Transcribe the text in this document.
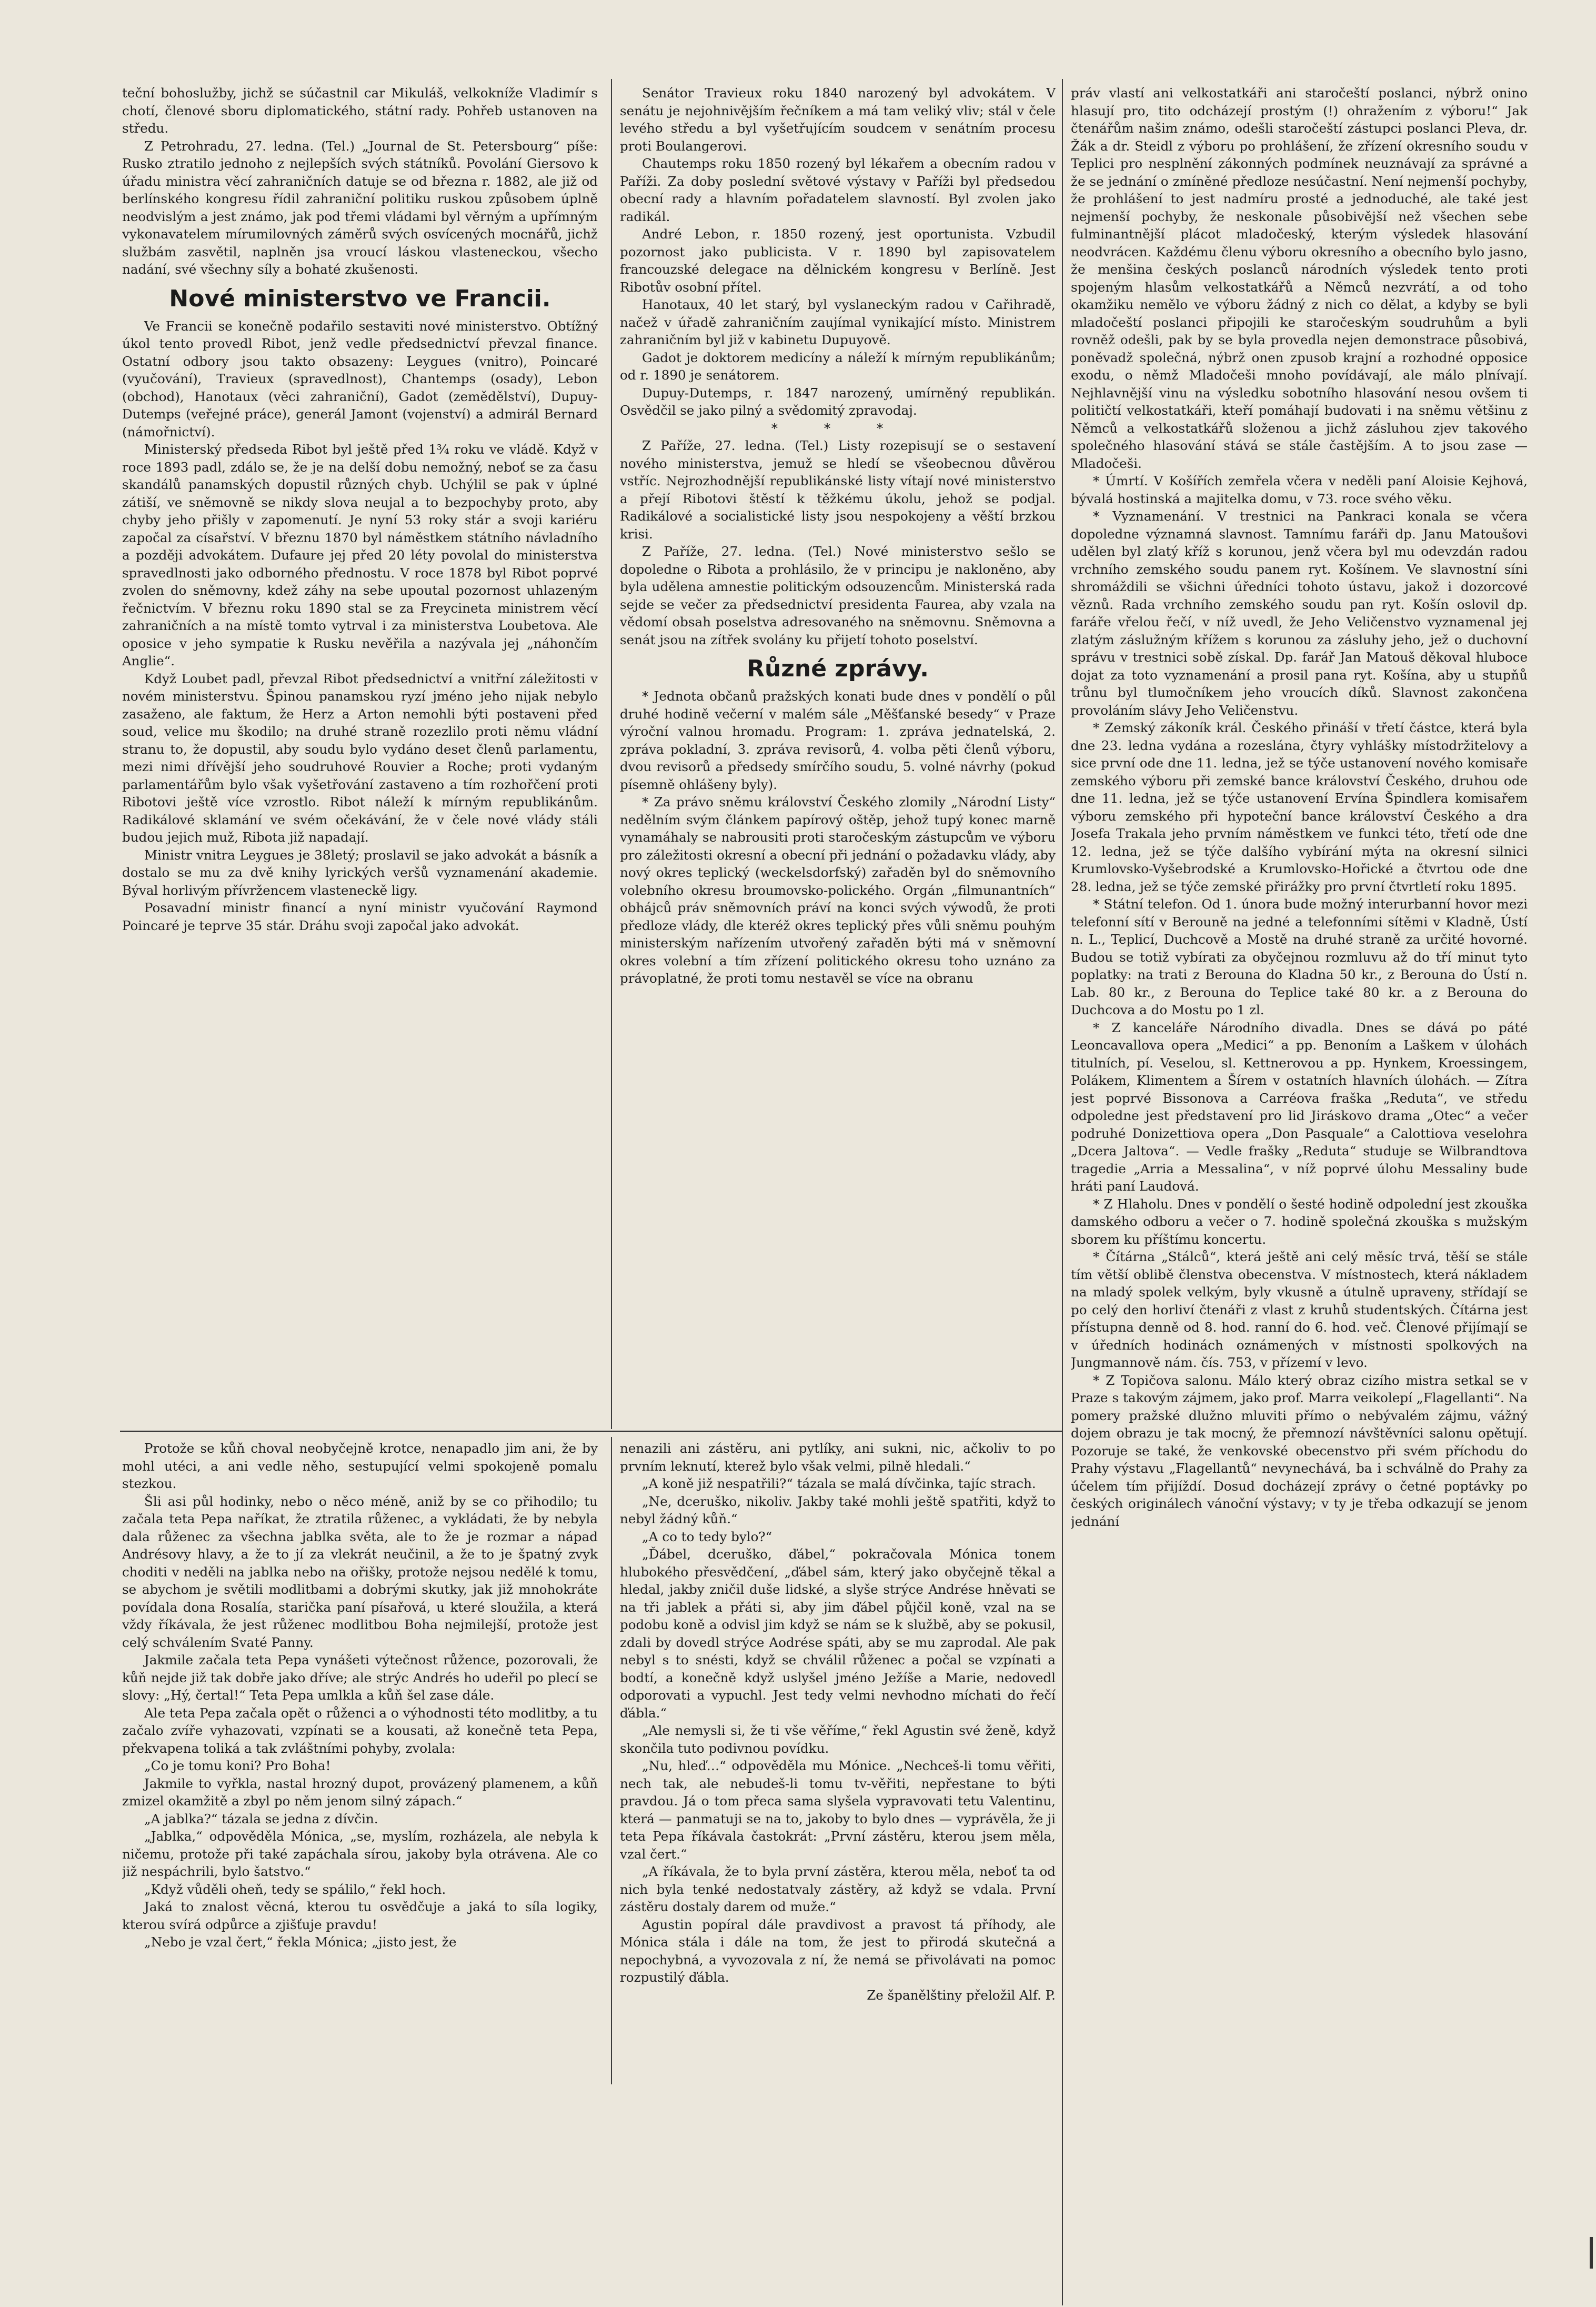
teční bohoslužby, jichž se súčastnil car Mikuláš, velkokníže Vladimír s chotí, členové sboru diplomatického, státní rady. Pohřeb ustanoven na středu.

Z Petrohradu, 27. ledna. (Tel.) „Journal de St. Petersbourg“ píše: Rusko ztratilo jednoho z nejlepších svých státníků. Povolání Giersovo k úřadu ministra věcí zahraničních datuje se od března r. 1882, ale již od berlínského kongresu řídil zahraniční politiku ruskou způsobem úplně neodvislým a jest známo, jak pod třemi vládami byl věrným a upřímným vykonavatelem mírumilovných záměrů svých osvícených mocnářů, jichž službám zasvětil, naplněn jsa vroucí láskou vlasteneckou, všecho nadání, své všechny síly a bohaté zkušenosti.

Nové ministerstvo ve Francii.

Ve Francii se konečně podařilo sestaviti nové ministerstvo. Obtížný úkol tento provedl Ribot, jenž vedle předsednictví převzal finance. Ostatní odbory jsou takto obsazeny: Leygues (vnitro), Poincaré (vyučování), Travieux (spravedlnost), Chantemps (osady), Lebon (obchod), Hanotaux (věci zahraniční), Gadot (zemědělství), Dupuy-Dutemps (veřejné práce), generál Jamont (vojenství) a admirál Bernard (námořnictví).

Ministerský předseda Ribot byl ještě před 1¾ roku ve vládě. Když v roce 1893 padl, zdálo se, že je na delší dobu nemožný, neboť se za času skandálů panamských dopustil různých chyb. Uchýlil se pak v úplné zátiší, ve sněmovně se nikdy slova neujal a to bezpochyby proto, aby chyby jeho přišly v zapomenutí. Je nyní 53 roky stár a svoji kariéru započal za císařství. V březnu 1870 byl náměstkem státního návladního a později advokátem. Dufaure jej před 20 léty povolal do ministerstva spravedlnosti jako odborného přednostu. V roce 1878 byl Ribot poprvé zvolen do sněmovny, kdež záhy na sebe upoutal pozornost uhlazeným řečnictvím. V březnu roku 1890 stal se za Freycineta ministrem věcí zahraničních a na místě tomto vytrval i za ministerstva Loubetova. Ale oposice v jeho sympatie k Rusku nevěřila a nazývala jej „náhončím Anglie“.

Když Loubet padl, převzal Ribot předsednictví a vnitřní záležitosti v novém ministerstvu. Špinou panamskou ryzí jméno jeho nijak nebylo zasaženo, ale faktum, že Herz a Arton nemohli býti postaveni před soud, velice mu škodilo; na druhé straně rozezlilo proti němu vládní stranu to, že dopustil, aby soudu bylo vydáno deset členů parlamentu, mezi nimi dřívější jeho soudruhové Rouvier a Roche; proti vydaným parlamentářům bylo však vyšetřování zastaveno a tím rozhořčení proti Ribotovi ještě více vzrostlo. Ribot náleží k mírným republikánům. Radikálové sklamání ve svém očekávání, že v čele nové vlády stáli budou jejich muž, Ribota již napadají.

Ministr vnitra Leygues je 38letý; proslavil se jako advokát a básník a dostalo se mu za dvě knihy lyrických veršů vyznamenání akademie. Býval horlivým přívržencem vlasteneckě ligy.

Posavadní ministr financí a nyní ministr vyučování Raymond Poincaré je teprve 35 stár. Dráhu svoji započal jako advokát.

Senátor Travieux roku 1840 narozený byl advokátem. V senátu je nejohnivějším řečníkem a má tam veliký vliv; stál v čele levého středu a byl vyšetřujícím soudcem v senátním procesu proti Boulangerovi.

Chautemps roku 1850 rozený byl lékařem a obecním radou v Paříži. Za doby poslední světové výstavy v Paříži byl předsedou obecní rady a hlavním pořadatelem slavností. Byl zvolen jako radikál.

André Lebon, r. 1850 rozený, jest oportunista. Vzbudil pozornost jako publicista. V r. 1890 byl zapisovatelem francouzské delegace na dělnickém kongresu v Berlíně. Jest Ribotův osobní přítel.

Hanotaux, 40 let starý, byl vyslaneckým radou v Cařihradě, načež v úřadě zahraničním zaujímal vynikající místo. Ministrem zahraničním byl již v kabinetu Dupuyově.

Gadot je doktorem medicíny a náleží k mírným republikánům; od r. 1890 je senátorem.

Dupuy-Dutemps, r. 1847 narozený, umírněný republikán. Osvědčil se jako pilný a svědomitý zpravodaj.

* * *

Z Paříže, 27. ledna. (Tel.) Listy rozepisují se o sestavení nového ministerstva, jemuž se hledí se všeobecnou důvěrou vstříc. Nejrozhodnější republikánské listy vítají nové ministerstvo a přejí Ribotovi štěstí k těžkému úkolu, jehož se podjal. Radikálové a socialistické listy jsou nespokojeny a věští brzkou krisi.

Z Paříže, 27. ledna. (Tel.) Nové ministerstvo sešlo se dopoledne o Ribota a prohlásilo, že v principu je nakloněno, aby byla udělena amnestie politickým odsouzencům. Ministerská rada sejde se večer za předsednictví presidenta Faurea, aby vzala na vědomí obsah poselstva adresovaného na sněmovnu. Sněmovna a senát jsou na zítřek svolány ku přijetí tohoto poselství.

Různé zprávy.

* Jednota občanů pražských konati bude dnes v pondělí o půl druhé hodině večerní v malém sále „Měšťanské besedy“ v Praze výroční valnou hromadu. Program: 1. zpráva jednatelská, 2. zpráva pokladní, 3. zpráva revisorů, 4. volba pěti členů výboru, dvou revisorů a předsedy smírčího soudu, 5. volné návrhy (pokud písemně ohlášeny byly).

* Za právo sněmu království Českého zlomily „Národní Listy“ nedělním svým článkem papírový oštěp, jehož tupý konec marně vynamáhaly se nabrousiti proti staročeským zástupcům ve výboru pro záležitosti okresní a obecní při jednání o požadavku vlády, aby nový okres teplický (weckelsdorfský) zařaděn byl do sněmovního volebního okresu broumovsko-polického. Orgán „filmunantních“ obhájců práv sněmovních práví na konci svých výwodů, že proti předloze vlády, dle kteréž okres teplický přes vůli sněmu pouhým ministerským nařízením utvořený zařaděn býti má v sněmovní okres volební a tím zřízení politického okresu toho uznáno za právoplatné, že proti tomu nestavěl se více na obranu

práv vlastí ani velkostatkáři ani staročeští poslanci, nýbrž onino hlasují pro, tito odcházejí prostým (!) ohražením z výboru!“ Jak čtenářům našim známo, odešli staročeští zástupci poslanci Pleva, dr. Žák a dr. Steidl z výboru po prohlášení, že zřízení okresního soudu v Teplici pro nesplnění zákonných podmínek neuznávají za správné a že se jednání o zmíněné předloze nesúčastní. Není nejmenší pochyby, že prohlášení to jest nadmíru prosté a jednoduché, ale také jest nejmenší pochyby, že neskonale působivější než všechen sebe fulminantnější plácot mladočeský, kterým výsledek hlasování neodvrácen. Každému členu výboru okresního a obecního bylo jasno, že menšina českých poslanců národních výsledek tento proti spojeným hlasům velkostatkářů a Němců nezvrátí, a od toho okamžiku nemělo ve výboru žádný z nich co dělat, a kdyby se byli mladočeští poslanci připojili ke staročeským soudruhům a byli rovněž odešli, pak by se byla provedla nejen demonstrace působivá, poněvadž společná, nýbrž onen zpusob krajní a rozhodné opposice exodu, o němž Mladočeši mnoho povídávají, ale málo plnívají. Nejhlavnější vinu na výsledku sobotního hlasování nesou ovšem ti političtí velkostatkáři, kteří pomáhají budovati i na sněmu většinu z Němců a velkostatkářů složenou a jichž zásluhou zjev takového společného hlasování stává se stále častějším. A to jsou zase — Mladočeši.

* Úmrtí. V Košířích zemřela včera v neděli paní Aloisie Kejhová, bývalá hostinská a majitelka domu, v 73. roce svého věku.

* Vyznamenání. V trestnici na Pankraci konala se včera dopoledne významná slavnost. Tamnímu faráři dp. Janu Matoušovi udělen byl zlatý kříž s korunou, jenž včera byl mu odevzdán radou vrchního zemského soudu panem ryt. Košínem. Ve slavnostní síni shromáždili se všichni úředníci tohoto ústavu, jakož i dozorcové věznů. Rada vrchního zemského soudu pan ryt. Košín oslovil dp. faráře vřelou řečí, v níž uvedl, že Jeho Veličenstvo vyznamenal jej zlatým záslužným křížem s korunou za zásluhy jeho, jež o duchovní správu v trestnici sobě získal. Dp. farář Jan Matouš děkoval hluboce dojat za toto vyznamenání a prosil pana ryt. Košína, aby u stupňů trůnu byl tlumočníkem jeho vroucích díků. Slavnost zakončena provoláním slávy Jeho Veličenstvu.

* Zemský zákoník král. Českého přináší v třetí částce, která byla dne 23. ledna vydána a rozeslána, čtyry vyhlášky místodržitelovy a sice první ode dne 11. ledna, jež se týče ustanovení nového komisaře zemského výboru při zemské bance království Českého, druhou ode dne 11. ledna, jež se týče ustanovení Ervína Špindlera komisařem výboru zemského při hypoteční bance království Českého a dra Josefa Trakala jeho prvním náměstkem ve funkci této, třetí ode dne 12. ledna, jež se týče dalšího vybírání mýta na okresní silnici Krumlovsko-Vyšebrodské a Krumlovsko-Hořické a čtvrtou ode dne 28. ledna, jež se týče zemské přirážky pro první čtvrtletí roku 1895.

* Státní telefon. Od 1. února bude možný interurbanní hovor mezi telefonní sítí v Berouně na jedné a telefonními sítěmi v Kladně, Ústí n. L., Teplicí, Duchcově a Mostě na druhé straně za určité hovorné. Budou se totiž vybírati za obyčejnou rozmluvu až do tří minut tyto poplatky: na trati z Berouna do Kladna 50 kr., z Berouna do Ústí n. Lab. 80 kr., z Berouna do Teplice také 80 kr. a z Berouna do Duchcova a do Mostu po 1 zl.

* Z kanceláře Národního divadla. Dnes se dává po páté Leoncavallova opera „Medici“ a pp. Benoním a Laškem v úlohách titulních, pí. Veselou, sl. Kettnerovou a pp. Hynkem, Kroessingem, Polákem, Klimentem a Šírem v ostatních hlavních úlohách. — Zítra jest poprvé Bissonova a Carréova fraška „Reduta“, ve středu odpoledne jest představení pro lid Jiráskovo drama „Otec“ a večer podruhé Donizettiova opera „Don Pasquale“ a Calottiova veselohra „Dcera Jaltova“. — Vedle frašky „Reduta“ studuje se Wilbrandtova tragedie „Arria a Messalina“, v níž poprvé úlohu Messaliny bude hráti paní Laudová.

* Z Hlaholu. Dnes v pondělí o šesté hodině odpolední jest zkouška damského odboru a večer o 7. hodině společná zkouška s mužským sborem ku příštímu koncertu.

* Čítárna „Stálců“, která ještě ani celý měsíc trvá, těší se stále tím větší oblibě členstva obecenstva. V místnostech, která nákladem na mladý spolek velkým, byly vkusně a útulně upraveny, střídají se po celý den horliví čtenáři z vlast z kruhů studentských. Čítárna jest přístupna denně od 8. hod. ranní do 6. hod. več. Členové přijímají se v úředních hodinách oznámených v místnosti spolkových na Jungmannově nám. čís. 753, v přízemí v levo.

* Z Topičova salonu. Málo který obraz cizího mistra setkal se v Praze s takovým zájmem, jako prof. Marra veikolepí „Flagellanti“. Na pomery pražské dlužno mluviti přímo o nebývalém zájmu, vážný dojem obrazu je tak mocný, že přemnozí návštěvníci salonu opětují. Pozoruje se také, že venkovské obecenstvo při svém příchodu do Prahy výstavu „Flagellantů“ nevynechává, ba i schválně do Prahy za účelem tím přijíždí. Dosud docházejí zprávy o četné poptávky po českých originálech vánoční výstavy; v ty je třeba odkazují se jenom jednání

Protože se kůň choval neobyčejně krotce, nenapadlo jim ani, že by mohl utéci, a ani vedle něho, sestupující velmi spokojeně pomalu stezkou.

Šli asi půl hodinky, nebo o něco méně, aniž by se co přihodilo; tu začala teta Pepa naříkat, že ztratila růženec, a vykládati, že by nebyla dala růženec za všechna jablka světa, ale to že je rozmar a nápad Andrésovy hlavy, a že to jí za vlekrát neučinil, a že to je špatný zvyk choditi v neděli na jablka nebo na ořišky, protože nejsou nedělé k tomu, se abychom je světili modlitbami a dobrými skutky, jak již mnohokráte povídala dona Rosalía, starička paní písařová, u které sloužila, a která vždy říkávala, že jest růženec modlitbou Boha nejmilejší, protože jest celý schválením Svaté Panny.

Jakmile začala teta Pepa vynášeti výtečnost růžence, pozorovali, že kůň nejde již tak dobře jako dříve; ale strýc Andrés ho udeřil po plecí se slovy: „Hý, čertal!“ Teta Pepa umlkla a kůň šel zase dále.

Ale teta Pepa začala opět o růženci a o výhodnosti této modlitby, a tu začalo zvíře vyhazovati, vzpínati se a kousati, až konečně teta Pepa, překvapena toliká a tak zvláštními pohyby, zvolala:

„Co je tomu koni? Pro Boha!

Jakmile to vyřkla, nastal hrozný dupot, provázený plamenem, a kůň zmizel okamžitě a zbyl po něm jenom silný zápach.“

„A jablka?“ tázala se jedna z dívčin.

„Jablka,“ odpověděla Mónica, „se, myslím, rozházela, ale nebyla k ničemu, protože při také zapáchala sírou, jakoby byla otrávena. Ale co již nespáchrili, bylo šatstvo.“

„Když vůděli oheň, tedy se spálilo,“ řekl hoch.

Jaká to znalost věcná, kterou tu osvědčuje a jaká to síla logiky, kterou svírá odpůrce a zjišťuje pravdu!

„Nebo je vzal čert,“ řekla Mónica; „jisto jest, že

nenazili ani zástěru, ani pytlíky, ani sukni, nic, ačkoliv to po prvním leknutí, kterež bylo však velmi, pilně hledali.“

„A koně již nespatřili?“ tázala se malá dívčinka, tajíc strach.

„Ne, dceruško, nikoliv. Jakby také mohli ještě spatřiti, když to nebyl žádný kůň.“

„A co to tedy bylo?“

„Ďábel, dceruško, ďábel,“ pokračovala Mónica tonem hlubokého přesvědčení, „ďábel sám, který jako obyčejně těkal a hledal, jakby zničil duše lidské, a slyše strýce Andrése hněvati se na tři jablek a přáti si, aby jim ďábel půjčil koně, vzal na se podobu koně a odvisl jim když se nám se k službě, aby se pokusil, zdali by dovedl strýce Aodrése spáti, aby se mu zaprodal. Ale pak nebyl s to snésti, když se chválil růženec a počal se vzpínati a bodtí, a konečně když uslyšel jméno Ježíše a Marie, nedovedl odporovati a vypuchl. Jest tedy velmi nevhodno míchati do řečí ďábla.“

„Ale nemysli si, že ti vše věříme,“ řekl Agustin své ženě, když skončila tuto podivnou povídku.

„Nu, hleď…“ odpověděla mu Mónice. „Nechceš-li tomu věřiti, nech tak, ale nebudeš-li tomu tv-věřiti, nepřestane to býti pravdou. Já o tom přeca sama slyšela vypravovati tetu Valentinu, která — panmatuji se na to, jakoby to bylo dnes — vyprávěla, že ji teta Pepa říkávala častokrát: „První zástěru, kterou jsem měla, vzal čert.“

„A říkávala, že to byla první zástěra, kterou měla, neboť ta od nich byla tenké nedostatvaly zástěry, až když se vdala. První zástěru dostaly darem od muže.“

Agustin popíral dále pravdivost a pravost tá příhody, ale Mónica stála i dále na tom, že jest to přirodá skutečná a nepochybná, a vyvozovala z ní, že nemá se přivolávati na pomoc rozpustilý ďábla.

Ze španělštiny přeložil Alf. P.
